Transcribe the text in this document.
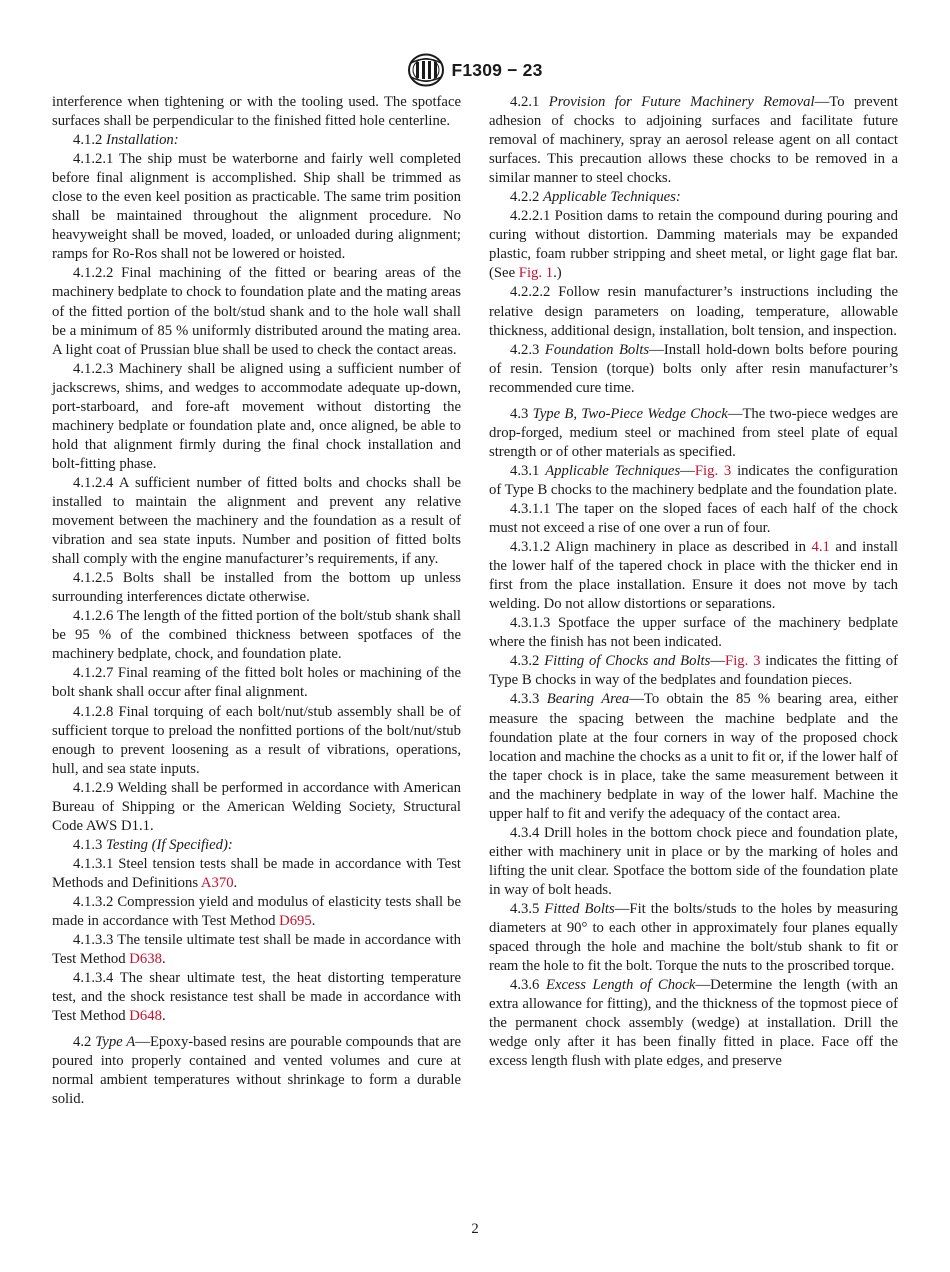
F1309 − 23

interference when tightening or with the tooling used. The spotface surfaces shall be perpendicular to the finished fitted hole centerline.

4.1.2 Installation:

4.1.2.1 The ship must be waterborne and fairly well completed before final alignment is accomplished. Ship shall be trimmed as close to the even keel position as practicable. The same trim position shall be maintained throughout the alignment procedure. No heavyweight shall be moved, loaded, or unloaded during alignment; ramps for Ro-Ros shall not be lowered or hoisted.

4.1.2.2 Final machining of the fitted or bearing areas of the machinery bedplate to chock to foundation plate and the mating areas of the fitted portion of the bolt/stud shank and to the hole wall shall be a minimum of 85 % uniformly distributed around the mating area. A light coat of Prussian blue shall be used to check the contact areas.

4.1.2.3 Machinery shall be aligned using a sufficient number of jackscrews, shims, and wedges to accommodate adequate up-down, port-starboard, and fore-aft movement without distorting the machinery bedplate or foundation plate and, once aligned, be able to hold that alignment firmly during the final chock installation and bolt-fitting phase.

4.1.2.4 A sufficient number of fitted bolts and chocks shall be installed to maintain the alignment and prevent any relative movement between the machinery and the foundation as a result of vibration and sea state inputs. Number and position of fitted bolts shall comply with the engine manufacturer’s requirements, if any.

4.1.2.5 Bolts shall be installed from the bottom up unless surrounding interferences dictate otherwise.

4.1.2.6 The length of the fitted portion of the bolt/stub shank shall be 95 % of the combined thickness between spotfaces of the machinery bedplate, chock, and foundation plate.

4.1.2.7 Final reaming of the fitted bolt holes or machining of the bolt shank shall occur after final alignment.

4.1.2.8 Final torquing of each bolt/nut/stub assembly shall be of sufficient torque to preload the nonfitted portions of the bolt/nut/stub enough to prevent loosening as a result of vibrations, operations, hull, and sea state inputs.

4.1.2.9 Welding shall be performed in accordance with American Bureau of Shipping or the American Welding Society, Structural Code AWS D1.1.

4.1.3 Testing (If Specified):

4.1.3.1 Steel tension tests shall be made in accordance with Test Methods and Definitions A370.

4.1.3.2 Compression yield and modulus of elasticity tests shall be made in accordance with Test Method D695.

4.1.3.3 The tensile ultimate test shall be made in accordance with Test Method D638.

4.1.3.4 The shear ultimate test, the heat distorting temperature test, and the shock resistance test shall be made in accordance with Test Method D648.

4.2 Type A—Epoxy-based resins are pourable compounds that are poured into properly contained and vented volumes and cure at normal ambient temperatures without shrinkage to form a durable solid.

4.2.1 Provision for Future Machinery Removal—To prevent adhesion of chocks to adjoining surfaces and facilitate future removal of machinery, spray an aerosol release agent on all contact surfaces. This precaution allows these chocks to be removed in a similar manner to steel chocks.

4.2.2 Applicable Techniques:

4.2.2.1 Position dams to retain the compound during pouring and curing without distortion. Damming materials may be expanded plastic, foam rubber stripping and sheet metal, or light gage flat bar. (See Fig. 1.)

4.2.2.2 Follow resin manufacturer’s instructions including the relative design parameters on loading, temperature, allowable thickness, additional design, installation, bolt tension, and inspection.

4.2.3 Foundation Bolts—Install hold-down bolts before pouring of resin. Tension (torque) bolts only after resin manufacturer’s recommended cure time.

4.3 Type B, Two-Piece Wedge Chock—The two-piece wedges are drop-forged, medium steel or machined from steel plate of equal strength or of other materials as specified.

4.3.1 Applicable Techniques—Fig. 3 indicates the configuration of Type B chocks to the machinery bedplate and the foundation plate.

4.3.1.1 The taper on the sloped faces of each half of the chock must not exceed a rise of one over a run of four.

4.3.1.2 Align machinery in place as described in 4.1 and install the lower half of the tapered chock in place with the thicker end in first from the place installation. Ensure it does not move by tach welding. Do not allow distortions or separations.

4.3.1.3 Spotface the upper surface of the machinery bedplate where the finish has not been indicated.

4.3.2 Fitting of Chocks and Bolts—Fig. 3 indicates the fitting of Type B chocks in way of the bedplates and foundation pieces.

4.3.3 Bearing Area—To obtain the 85 % bearing area, either measure the spacing between the machine bedplate and the foundation plate at the four corners in way of the proposed chock location and machine the chocks as a unit to fit or, if the lower half of the taper chock is in place, take the same measurement between it and the machinery bedplate in way of the lower half. Machine the upper half to fit and verify the adequacy of the contact area.

4.3.4 Drill holes in the bottom chock piece and foundation plate, either with machinery unit in place or by the marking of holes and lifting the unit clear. Spotface the bottom side of the foundation plate in way of bolt heads.

4.3.5 Fitted Bolts—Fit the bolts/studs to the holes by measuring diameters at 90° to each other in approximately four planes equally spaced through the hole and machine the bolt/stub shank to fit or ream the hole to fit the bolt. Torque the nuts to the proscribed torque.

4.3.6 Excess Length of Chock—Determine the length (with an extra allowance for fitting), and the thickness of the topmost piece of the permanent chock assembly (wedge) at installation. Drill the wedge only after it has been finally fitted in place. Face off the excess length flush with plate edges, and preserve

2
